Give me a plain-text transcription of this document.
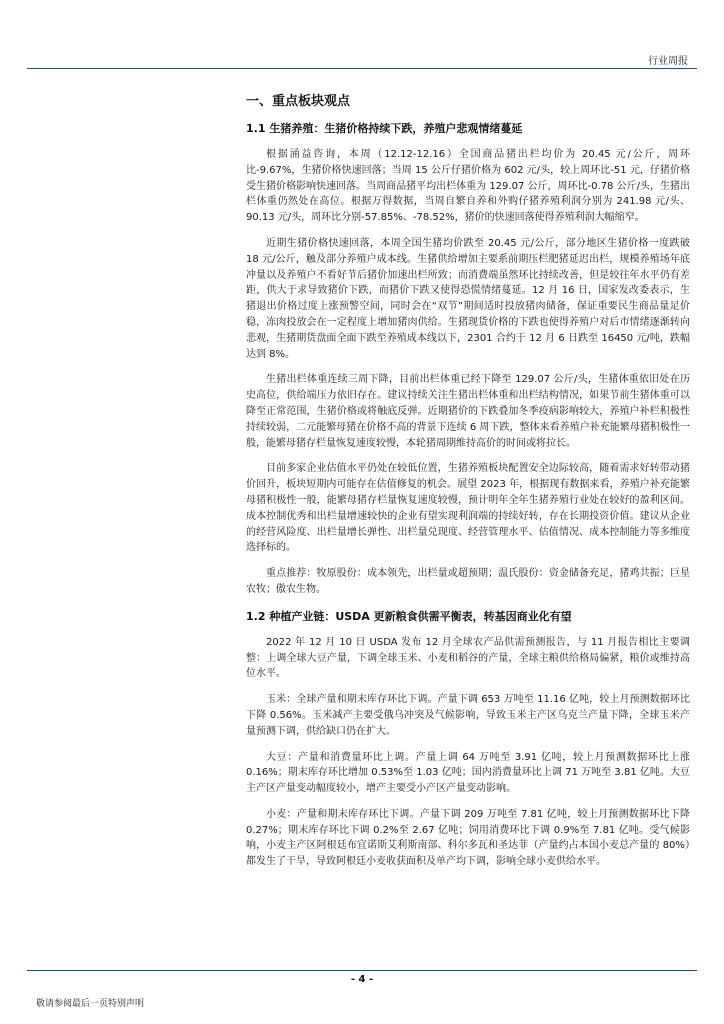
行业周报
一、重点板块观点
1.1 生猪养殖：生猪价格持续下跌，养殖户悲观情绪蔓延

根据涌益咨询，本周（12.12-12.16）全国商品猪出栏均价为 20.45 元/公斤，周环比-9.67%，生猪价格快速回落；当周 15 公斤仔猪价格为 602 元/头，较上周环比-51 元，仔猪价格受生猪价格影响快速回落。当周商品猪平均出栏体重为 129.07 公斤，周环比-0.78 公斤/头，生猪出栏体重仍然处在高位。根据万得数据，当周自繁自养和外购仔猪养殖利润分别为 241.98 元/头、90.13 元/头，周环比分别-57.85%、-78.52%，猪价的快速回落使得养殖利润大幅缩窄。

近期生猪价格快速回落，本周全国生猪均价跌至 20.45 元/公斤，部分地区生猪价格一度跌破 18 元/公斤，触及部分养殖户成本线。生猪供给增加主要系前期压栏肥猪延迟出栏，规模养殖场年底冲量以及养殖户不看好节后猪价加速出栏所致；而消费端虽然环比持续改善，但是较往年水平仍有差距，供大于求导致猪价下跌，而猪价下跌又使得恐慌情绪蔓延。12 月 16 日，国家发改委表示，生猪退出价格过度上涨预警空间，同时会在“双节”期间适时投放猪肉储备，保证重要民生商品量足价稳，冻肉投放会在一定程度上增加猪肉供给。生猪现货价格的下跌也使得养殖户对后市情绪逐渐转向悲观，生猪期货盘面全面下跌至养殖成本线以下，2301 合约于 12 月 6 日跌至 16450 元/吨，跌幅达到 8%。

生猪出栏体重连续三周下降，目前出栏体重已经下降至 129.07 公斤/头，生猪体重依旧处在历史高位，供给端压力依旧存在。建议持续关注生猪出栏体重和出栏结构情况，如果节前生猪体重可以降至正常范围，生猪价格或将触底反弹。近期猪价的下跌叠加冬季疫病影响较大，养殖户补栏积极性持续较弱，二元能繁母猪在价格不高的背景下连续 6 周下跌，整体来看养殖户补充能繁母猪积极性一般，能繁母猪存栏量恢复速度较慢，本轮猪周期维持高价的时间或将拉长。

目前多家企业估值水平仍处在较低位置，生猪养殖板块配置安全边际较高，随着需求好转带动猪价回升，板块短期内可能存在估值修复的机会。展望 2023 年，根据现有数据来看，养殖户补充能繁母猪积极性一般，能繁母猪存栏量恢复速度较慢，预计明年全年生猪养殖行业处在较好的盈利区间。成本控制优秀和出栏量增速较快的企业有望实现利润端的持续好转，存在长期投资价值。建议从企业的经营风险度、出栏量增长弹性、出栏量兑现度、经营管理水平、估值情况、成本控制能力等多维度选择标的。

重点推荐：牧原股份：成本领先，出栏量或超预期；温氏股份：资金储备充足，猪鸡共振；巨星农牧；傲农生物。

1.2 种植产业链：USDA 更新粮食供需平衡表，转基因商业化有望

2022 年 12 月 10 日 USDA 发布 12 月全球农产品供需预测报告，与 11 月报告相比主要调整：上调全球大豆产量，下调全球玉米、小麦和稻谷的产量，全球主粮供给格局偏紧，粮价或维持高位水平。

玉米：全球产量和期末库存环比下调。产量下调 653 万吨至 11.16 亿吨，较上月预测数据环比下降 0.56%。玉米减产主要受俄乌冲突及气候影响，导致玉米主产区乌克兰产量下降，全球玉米产量预测下调，供给缺口仍在扩大。

大豆：产量和消费量环比上调。产量上调 64 万吨至 3.91 亿吨，较上月预测数据环比上涨 0.16%；期末库存环比增加 0.53%至 1.03 亿吨；国内消费量环比上调 71 万吨至 3.81 亿吨。大豆主产区产量变动幅度较小，增产主要受小产区产量变动影响。

小麦：产量和期末库存环比下调。产量下调 209 万吨至 7.81 亿吨，较上月预测数据环比下降 0.27%；期末库存环比下调 0.2%至 2.67 亿吨；饲用消费环比下调 0.9%至 7.81 亿吨。受气候影响，小麦主产区阿根廷布宜诺斯艾利斯南部、科尔多瓦和圣达菲（产量约占本国小麦总产量的 80%）都发生了干旱，导致阿根廷小麦收获面积及单产均下调，影响全球小麦供给水平。

- 4 -
敬请参阅最后一页特别声明
